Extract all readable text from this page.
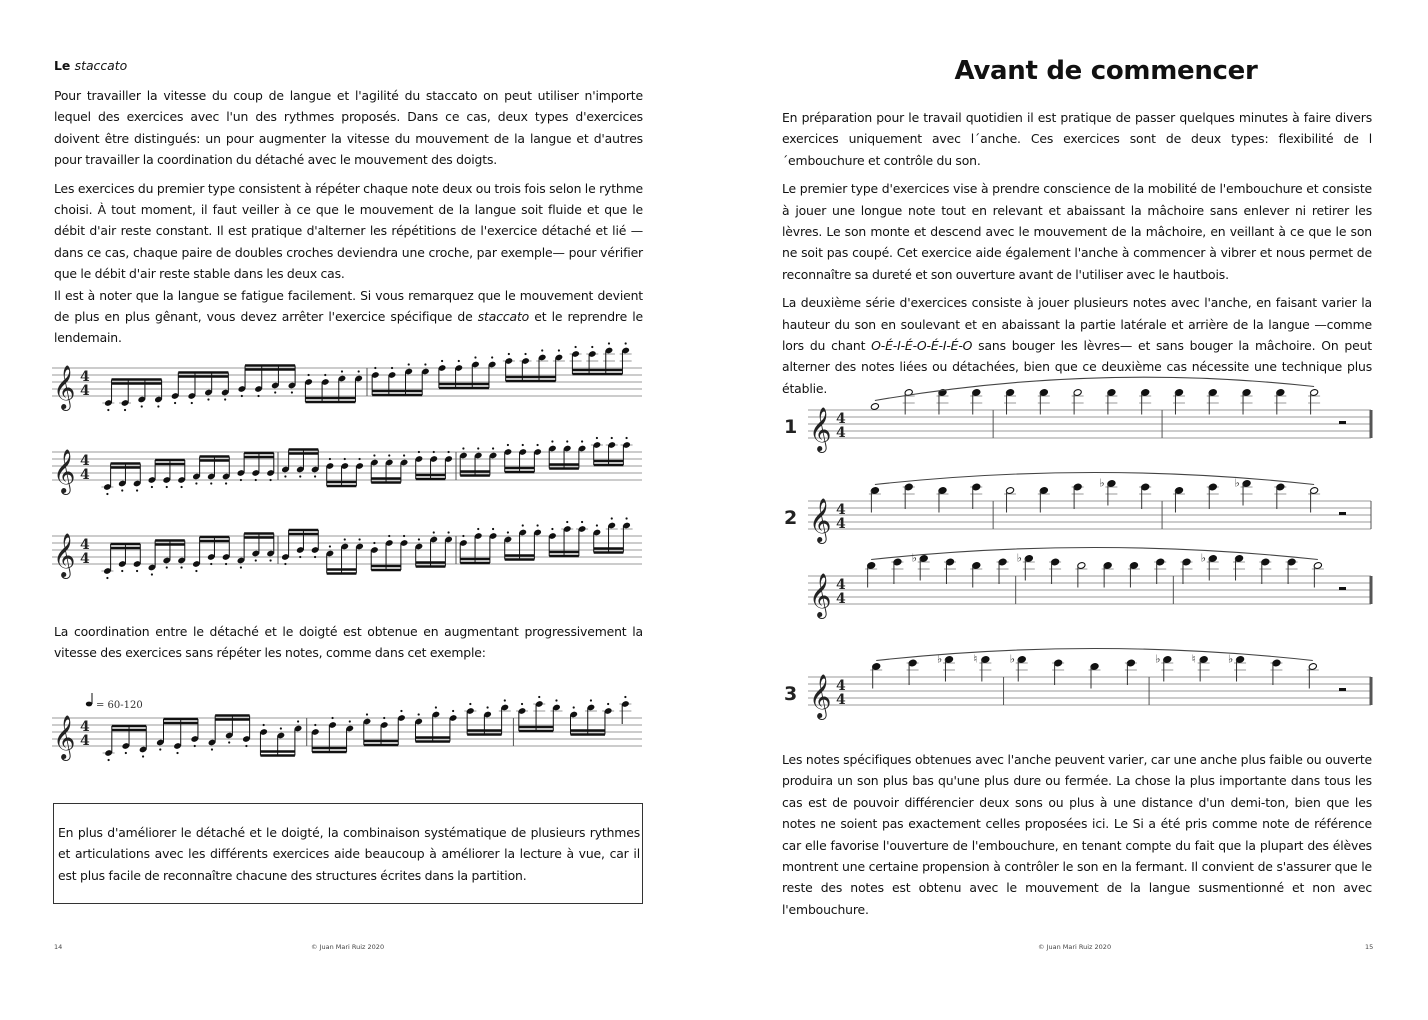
Le staccato

Pour travailler la vitesse du coup de langue et l'agilité du staccato on peut utiliser n'importe lequel des exercices avec l'un des rythmes proposés. Dans ce cas, deux types d'exercices doivent être distingués: un pour augmenter la vitesse du mouvement de la langue et d'autres pour travailler la coordination du détaché avec le mouvement des doigts.

Les exercices du premier type consistent à répéter chaque note deux ou trois fois selon le rythme choisi. À tout moment, il faut veiller à ce que le mouvement de la langue soit fluide et que le débit d'air reste constant. Il est pratique d'alterner les répétitions de l'exercice détaché et lié —dans ce cas, chaque paire de doubles croches deviendra une croche, par exemple— pour vérifier que le débit d'air reste stable dans les deux cas.

Il est à noter que la langue se fatigue facilement. Si vous remarquez que le mouvement devient de plus en plus gênant, vous devez arrêter l'exercice spécifique de staccato et le reprendre le lendemain.

𝄞 4
4
𝄞 4
4
𝄞 4
4

La coordination entre le détaché et le doigté est obtenue en augmentant progressivement la vitesse des exercices sans répéter les notes, comme dans cet exemple:

𝄞 4
4
= 60-120

En plus d'améliorer le détaché et le doigté, la combinaison systématique de plusieurs rythmes et articulations avec les différents exercices aide beaucoup à améliorer la lecture à vue, car il est plus facile de reconnaître chacune des structures écrites dans la partition.

14	© Juan Mari Ruiz 2020
Avant de commencer

En préparation pour le travail quotidien il est pratique de passer quelques minutes à faire divers exercices uniquement avec l´anche. Ces exercices sont de deux types: flexibilité de l´embouchure et contrôle du son.

Le premier type d'exercices vise à prendre conscience de la mobilité de l'embouchure et consiste à jouer une longue note tout en relevant et abaissant la mâchoire sans enlever ni retirer les lèvres. Le son monte et descend avec le mouvement de la mâchoire, en veillant à ce que le son ne soit pas coupé. Cet exercice aide également l'anche à commencer à vibrer et nous permet de reconnaître sa dureté et son ouverture avant de l'utiliser avec le hautbois.

La deuxième série d'exercices consiste à jouer plusieurs notes avec l'anche, en faisant varier la hauteur du son en soulevant et en abaissant la partie latérale et arrière de la langue —comme lors du chant O-É-I-É-O-É-I-É-O sans bouger les lèvres— et sans bouger la mâchoire. On peut alterner des notes liées ou détachées, bien que ce deuxième cas nécessite une technique plus établie.

𝄞 4
4
1
𝄞 4
4
2
♭	♭
𝄞 4
4
♭	♭	♭
𝄞 4
4
3
♭	♮	♭	♭	♮	♭

Les notes spécifiques obtenues avec l'anche peuvent varier, car une anche plus faible ou ouverte produira un son plus bas qu'une plus dure ou fermée. La chose la plus importante dans tous les cas est de pouvoir différencier deux sons ou plus à une distance d'un demi-ton, bien que les notes ne soient pas exactement celles proposées ici. Le Si a été pris comme note de référence car elle favorise l'ouverture de l'embouchure, en tenant compte du fait que la plupart des élèves montrent une certaine propension à contrôler le son en la fermant. Il convient de s'assurer que le reste des notes est obtenu avec le mouvement de la langue susmentionné et non avec l'embouchure.

© Juan Mari Ruiz 2020	15
